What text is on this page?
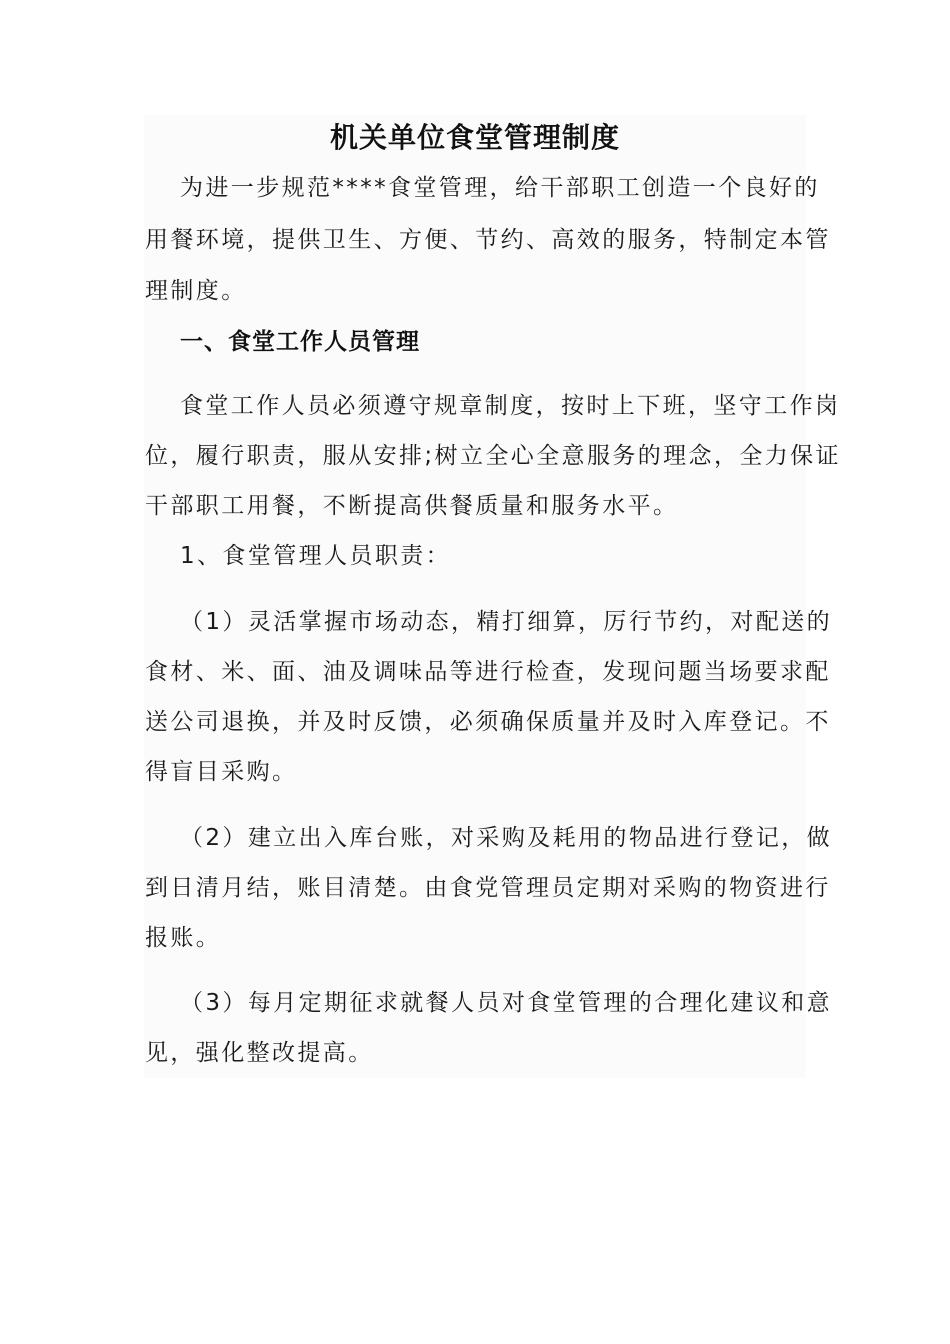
机关单位食堂管理制度
为进一步规范****食堂管理，给干部职工创造一个良好的
用餐环境，提供卫生、方便、节约、高效的服务，特制定本管
理制度。
一、食堂工作人员管理
食堂工作人员必须遵守规章制度，按时上下班，坚守工作岗
位，履行职责，服从安排;树立全心全意服务的理念，全力保证
干部职工用餐，不断提高供餐质量和服务水平。
1、食堂管理人员职责：
（1）灵活掌握市场动态，精打细算，厉行节约，对配送的
食材、米、面、油及调味品等进行检查，发现问题当场要求配
送公司退换，并及时反馈，必须确保质量并及时入库登记。不
得盲目采购。
（2）建立出入库台账，对采购及耗用的物品进行登记，做
到日清月结，账目清楚。由食党管理员定期对采购的物资进行
报账。
（3）每月定期征求就餐人员对食堂管理的合理化建议和意
见，强化整改提高。
